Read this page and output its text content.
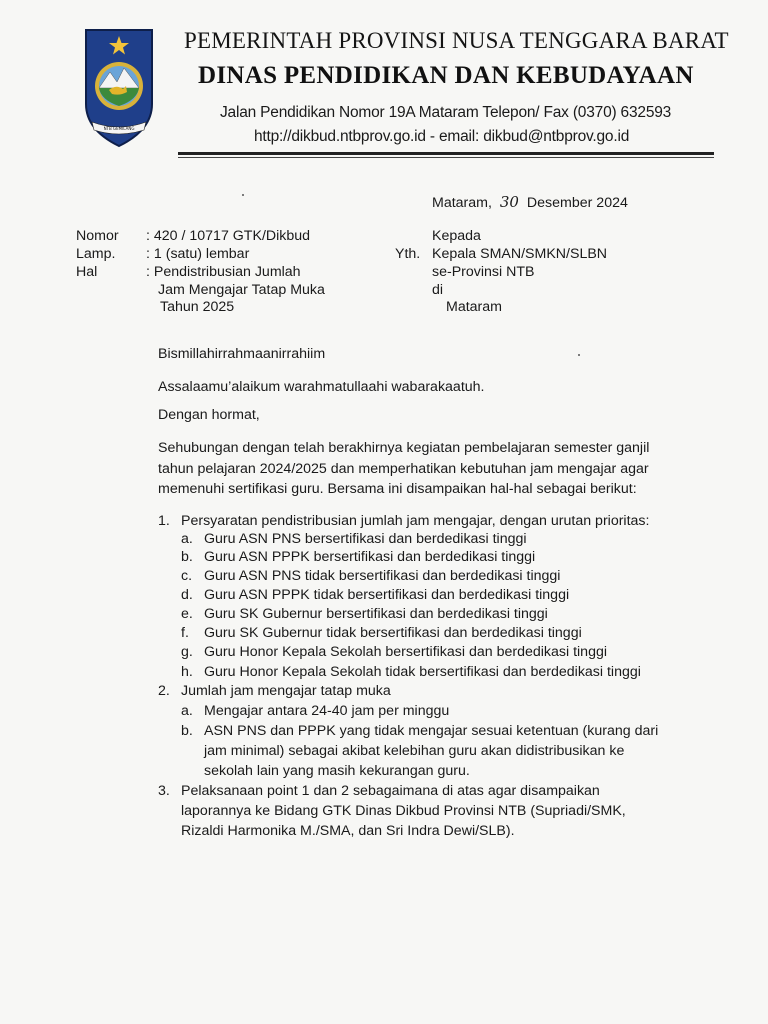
NTB GEMILANG
PEMERINTAH PROVINSI NUSA TENGGARA BARAT
DINAS PENDIDIKAN DAN KEBUDAYAAN
Jalan Pendidikan Nomor 19A Mataram Telepon/ Fax (0370) 632593
http://dikbud.ntbprov.go.id - email: dikbud@ntbprov.go.id
Mataram, 30 Desember 2024
Nomor : 420 / 10717 GTK/Dikbud
Lamp. : 1 (satu) lembar
Hal	: Pendistribusian Jumlah
Jam Mengajar Tatap Muka
Tahun 2025
Kepada
Yth. Kepala SMAN/SMKN/SLBN
se-Provinsi NTB
di
Mataram
Bismillahirrahmaanirrahiim
Assalaamu’alaikum warahmatullaahi wabarakaatuh.
Dengan hormat,
Sehubungan dengan telah berakhirnya kegiatan pembelajaran semester ganjil
tahun pelajaran 2024/2025 dan memperhatikan kebutuhan jam mengajar agar
memenuhi sertifikasi guru. Bersama ini disampaikan hal-hal sebagai berikut:
1. Persyaratan pendistribusian jumlah jam mengajar, dengan urutan prioritas:
a. Guru ASN PNS bersertifikasi dan berdedikasi tinggi
b. Guru ASN PPPK bersertifikasi dan berdedikasi tinggi
c. Guru ASN PNS tidak bersertifikasi dan berdedikasi tinggi
d. Guru ASN PPPK tidak bersertifikasi dan berdedikasi tinggi
e. Guru SK Gubernur bersertifikasi dan berdedikasi tinggi
f. Guru SK Gubernur tidak bersertifikasi dan berdedikasi tinggi
g. Guru Honor Kepala Sekolah bersertifikasi dan berdedikasi tinggi
h. Guru Honor Kepala Sekolah tidak bersertifikasi dan berdedikasi tinggi
2. Jumlah jam mengajar tatap muka
a. Mengajar antara 24-40 jam per minggu
b. ASN PNS dan PPPK yang tidak mengajar sesuai ketentuan (kurang dari
jam minimal) sebagai akibat kelebihan guru akan didistribusikan ke
sekolah lain yang masih kekurangan guru.
3. Pelaksanaan point 1 dan 2 sebagaimana di atas agar disampaikan
laporannya ke Bidang GTK Dinas Dikbud Provinsi NTB (Supriadi/SMK,
Rizaldi Harmonika M./SMA, dan Sri Indra Dewi/SLB).
